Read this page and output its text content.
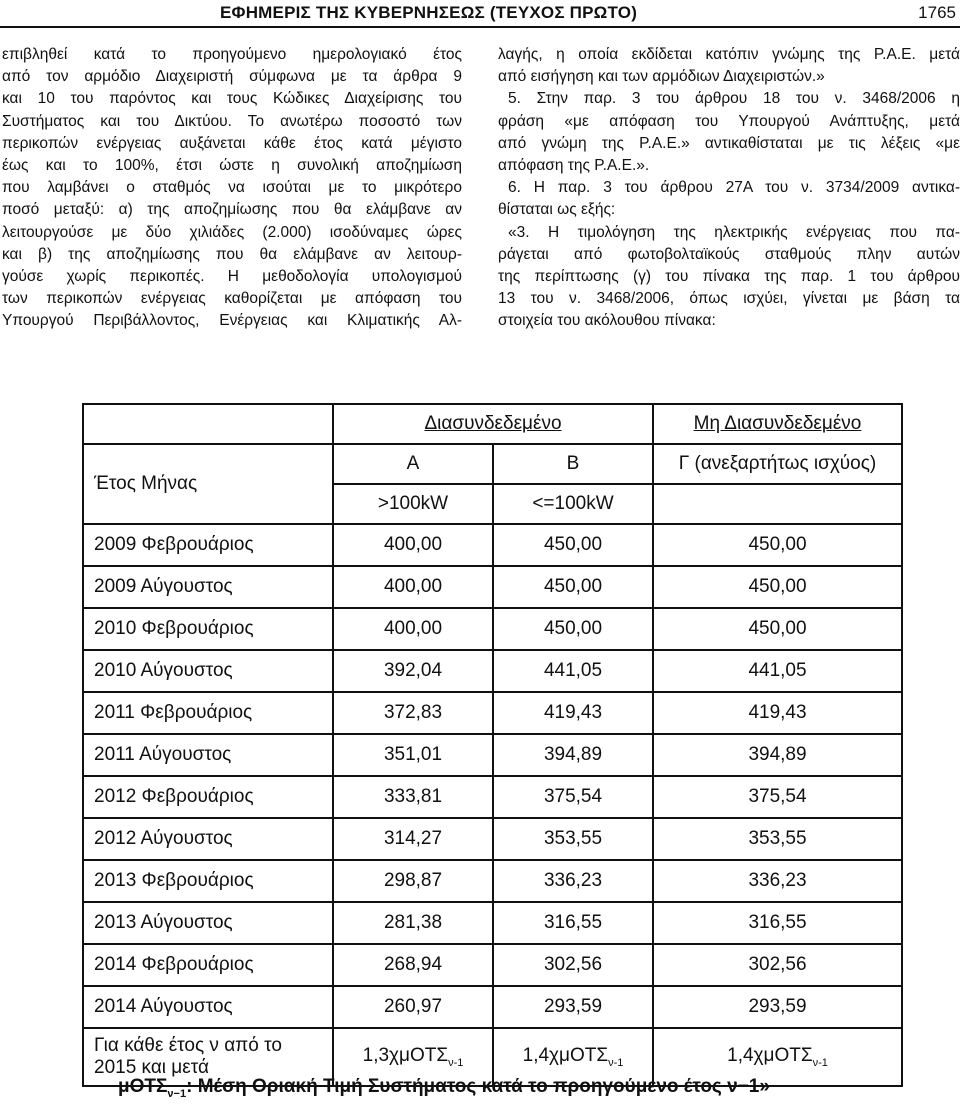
ΕΦΗΜΕΡΙΣ ΤΗΣ ΚΥΒΕΡΝΗΣΕΩΣ (ΤΕΥΧΟΣ ΠΡΩΤΟ)	1765
επιβληθεί κατά το προηγούμενο ημερολογιακό έτος
από τον αρμόδιο Διαχειριστή σύμφωνα με τα άρθρα 9
και 10 του παρόντος και τους Κώδικες Διαχείρισης του
Συστήματος και του Δικτύου. Το ανωτέρω ποσοστό των
περικοπών ενέργειας αυξάνεται κάθε έτος κατά μέγιστο
έως και το 100%, έτσι ώστε η συνολική αποζημίωση
που λαμβάνει ο σταθμός να ισούται με το μικρότερο
ποσό μεταξύ: α) της αποζημίωσης που θα ελάμβανε αν
λειτουργούσε με δύο χιλιάδες (2.000) ισοδύναμες ώρες
και β) της αποζημίωσης που θα ελάμβανε αν λειτουρ-
γούσε χωρίς περικοπές. Η μεθοδολογία υπολογισμού
των περικοπών ενέργειας καθορίζεται με απόφαση του
Υπουργού Περιβάλλοντος, Ενέργειας και Κλιματικής Αλ-
λαγής, η οποία εκδίδεται κατόπιν γνώμης της Ρ.Α.Ε. μετά
από εισήγηση και των αρμόδιων Διαχειριστών.»
5. Στην παρ. 3 του άρθρου 18 του ν. 3468/2006 η
φράση «με απόφαση του Υπουργού Ανάπτυξης, μετά
από γνώμη της Ρ.Α.Ε.» αντικαθίσταται με τις λέξεις «με
απόφαση της Ρ.Α.Ε.».
6. Η παρ. 3 του άρθρου 27Α του ν. 3734/2009 αντικα-
θίσταται ως εξής:
«3. Η τιμολόγηση της ηλεκτρικής ενέργειας που πα-
ράγεται από φωτοβολταϊκούς σταθμούς πλην αυτών
της περίπτωσης (γ) του πίνακα της παρ. 1 του άρθρου
13 του ν. 3468/2006, όπως ισχύει, γίνεται με βάση τα
στοιχεία του ακόλουθου πίνακα:
	Διασυνδεδεμένο		Μη Διασυνδεδεμένο
Έτος Μήνας	Α	Β	Γ (ανεξαρτήτως ισχύος)
	>100kW	<=100kW	
2009 Φεβρουάριος	400,00	450,00	450,00
2009 Αύγουστος	400,00	450,00	450,00
2010 Φεβρουάριος	400,00	450,00	450,00
2010 Αύγουστος	392,04	441,05	441,05
2011 Φεβρουάριος	372,83	419,43	419,43
2011 Αύγουστος	351,01	394,89	394,89
2012 Φεβρουάριος	333,81	375,54	375,54
2012 Αύγουστος	314,27	353,55	353,55
2013 Φεβρουάριος	298,87	336,23	336,23
2013 Αύγουστος	281,38	316,55	316,55
2014 Φεβρουάριος	268,94	302,56	302,56
2014 Αύγουστος	260,97	293,59	293,59
Για κάθε έτος ν από το
2015 και μετά	1,3χμΟΤΣ$_{\nu-1}$	1,4χμΟΤΣ$_{\nu-1}$	1,4χμΟΤΣ$_{\nu-1}$
μΟΤΣ$_{\nu-1}$: Μέση Οριακή Τιμή Συστήματος κατά το προηγούμενο έτος ν−1»
